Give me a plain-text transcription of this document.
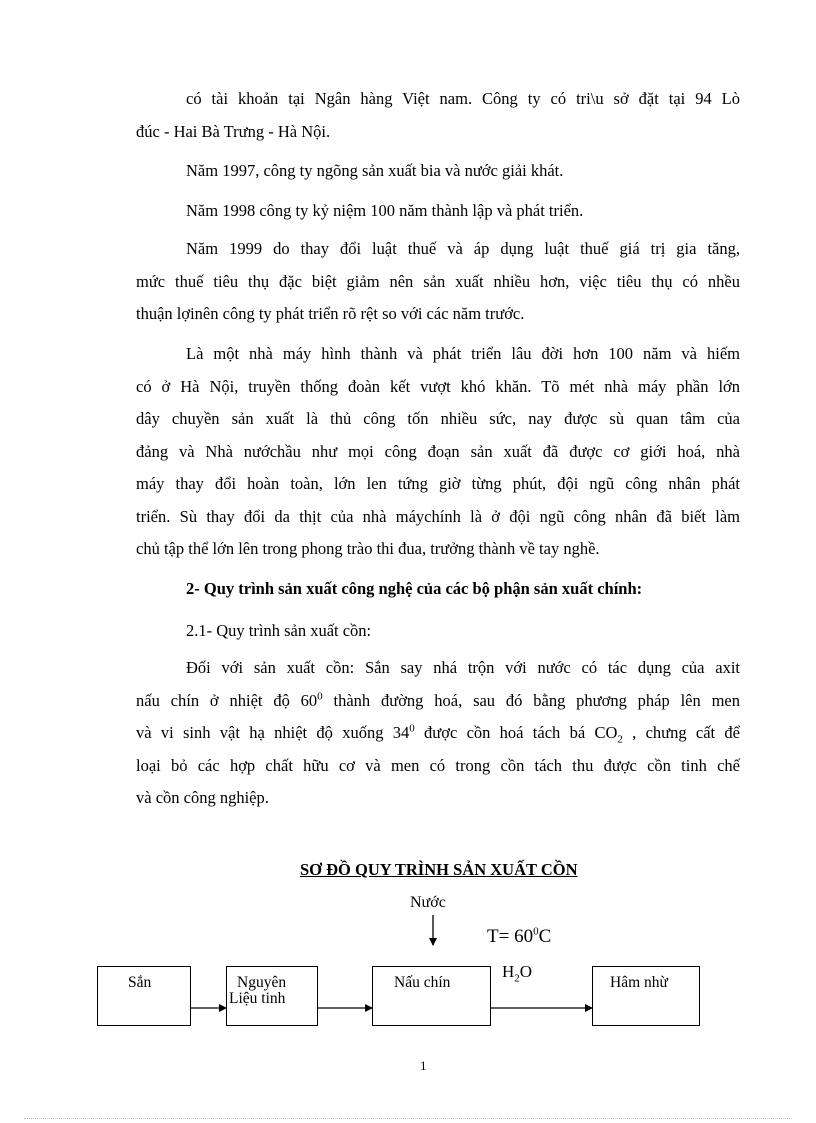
có tài khoản tại Ngân hàng Việt nam. Công ty có tri\u sở đặt tại 94 Lò
đúc - Hai Bà Trưng - Hà Nội.

Năm 1997, công ty ngõng sản xuất bia và nước giải khát.
Năm 1998 công ty kỷ niệm 100 năm thành lập và phát triển.

Năm 1999 do thay đổi luật thuế và áp dụng luật thuế giá trị gia tăng,
mức thuế tiêu thụ đặc biệt giảm nên sản xuất nhiều hơn, việc tiêu thụ có nhều
thuận lợinên công ty phát triển rõ rệt so với các năm trước.

Là một nhà máy hình thành và phát triển lâu đời hơn 100 năm và hiếm
có ở Hà Nội, truyền thống đoàn kết vượt khó khăn. Tõ mét nhà máy phần lớn
dây chuyền sản xuất là thủ công tốn nhiều sức, nay được sù quan tâm của
đảng và Nhà nướchầu như mọi công đoạn sản xuất đã được cơ giới hoá, nhà
máy thay đổi hoàn toàn, lớn len tứng giờ từng phút, đội ngũ công nhân phát
triển. Sù thay đổi da thịt của nhà máychính là ở đội ngũ công nhân đã biết làm
chủ tập thể lớn lên trong phong trào thi đua, trưởng thành về tay nghề.

2- Quy trình sản xuất công nghệ của các bộ phận sản xuất chính:
2.1- Quy trình sản xuất cồn:

Đối với sản xuất cồn: Sắn say nhá trộn với nước có tác dụng của axit
nấu chín ở nhiệt độ $60^0$ thành đường hoá, sau đó bằng phương pháp lên men
và vi sinh vật hạ nhiệt độ xuống $34^0$ được cồn hoá tách bá $CO_2$ , chưng cất để
loại bỏ các hợp chất hữu cơ và men có trong cồn tách thu được cồn tinh chế
và cồn công nghiệp.

SƠ ĐỒ QUY TRÌNH SẢN XUẤT CỒN
Nước
$T= 60^0C$
$H_2O$
Sắn	Nguyên
Liệu tinh
Nấu chín	Hâm nhừ
1
